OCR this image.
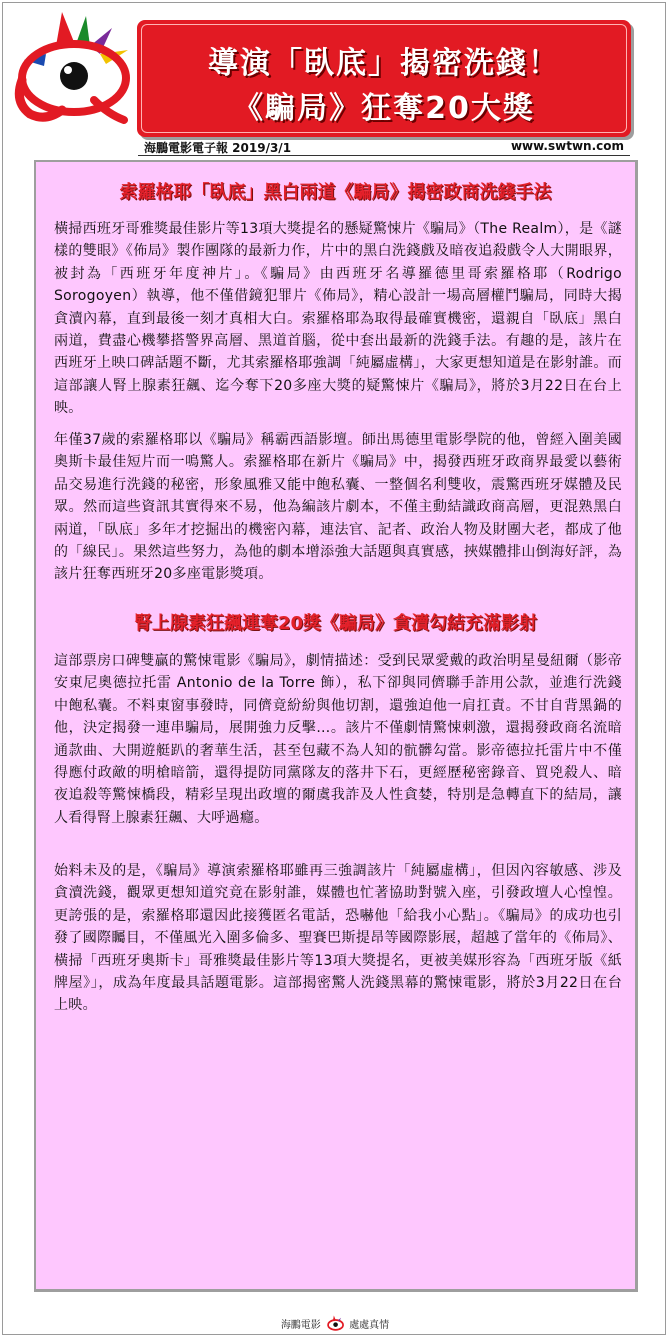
導演「臥底」揭密洗錢！
《騙局》狂奪20大獎
海鵬電影電子報 2019/3/1	www.swtwn.com
索羅格耶「臥底」黑白兩道《騙局》揭密政商洗錢手法
橫掃西班牙哥雅獎最佳影片等13項大獎提名的懸疑驚悚片《騙局》（The Realm），是《謎樣的雙眼》《佈局》製作團隊的最新力作，片中的黑白洗錢戲及暗夜追殺戲令人大開眼界，被封為「西班牙年度神片」。《騙局》由西班牙名導羅德里哥索羅格耶（Rodrigo Sorogoyen）執導，他不僅借鏡犯罪片《佈局》，精心設計一場高層權鬥騙局，同時大揭貪瀆內幕，直到最後一刻才真相大白。索羅格耶為取得最確實機密，還親自「臥底」黑白兩道，費盡心機攀搭警界高層、黑道首腦，從中套出最新的洗錢手法。有趣的是，該片在西班牙上映口碑話題不斷，尤其索羅格耶強調「純屬虛構」，大家更想知道是在影射誰。而這部讓人腎上腺素狂飆、迄今奪下20多座大獎的疑驚悚片《騙局》，將於3月22日在台上映。
年僅37歲的索羅格耶以《騙局》稱霸西語影壇。師出馬德里電影學院的他，曾經入圍美國奧斯卡最佳短片而一鳴驚人。索羅格耶在新片《騙局》中，揭發西班牙政商界最愛以藝術品交易進行洗錢的秘密，形象風雅又能中飽私囊、一整個名利雙收，震驚西班牙媒體及民眾。然而這些資訊其實得來不易，他為編該片劇本，不僅主動結識政商高層，更混熟黑白兩道，「臥底」多年才挖掘出的機密內幕，連法官、記者、政治人物及財團大老，都成了他的「線民」。果然這些努力，為他的劇本增添強大話題與真實感，挾媒體排山倒海好評，為該片狂奪西班牙20多座電影獎項。
腎上腺素狂飆連奪20獎《騙局》貪瀆勾結充滿影射
這部票房口碑雙贏的驚悚電影《騙局》，劇情描述：受到民眾愛戴的政治明星曼紐爾（影帝 安東尼奧德拉托雷 Antonio de la Torre 飾），私下卻與同儕聯手詐用公款，並進行洗錢中飽私囊。不料東窗事發時，同儕竟紛紛與他切割，還強迫他一肩扛責。不甘自背黑鍋的他，決定揭發一連串騙局，展開強力反擊…。該片不僅劇情驚悚刺激，還揭發政商名流暗通款曲、大開遊艇趴的奢華生活，甚至包藏不為人知的骯髒勾當。影帝德拉托雷片中不僅得應付政敵的明槍暗箭，還得提防同黨隊友的落井下石，更經歷秘密錄音、買兇殺人、暗夜追殺等驚悚橋段，精彩呈現出政壇的爾虞我詐及人性貪婪，特別是急轉直下的結局，讓人看得腎上腺素狂飆、大呼過癮。
始料未及的是，《騙局》導演索羅格耶雖再三強調該片「純屬虛構」，但因內容敏感、涉及貪瀆洗錢，觀眾更想知道究竟在影射誰，媒體也忙著協助對號入座，引發政壇人心惶惶。更誇張的是，索羅格耶還因此接獲匿名電話，恐嚇他「給我小心點」。《騙局》的成功也引發了國際矚目，不僅風光入圍多倫多、聖賽巴斯提昂等國際影展，超越了當年的《佈局》、橫掃「西班牙奧斯卡」哥雅獎最佳影片等13項大獎提名，更被美媒形容為「西班牙版《紙牌屋》」，成為年度最具話題電影。這部揭密驚人洗錢黑幕的驚悚電影，將於3月22日在台上映。
海鵬電影	處處真情
